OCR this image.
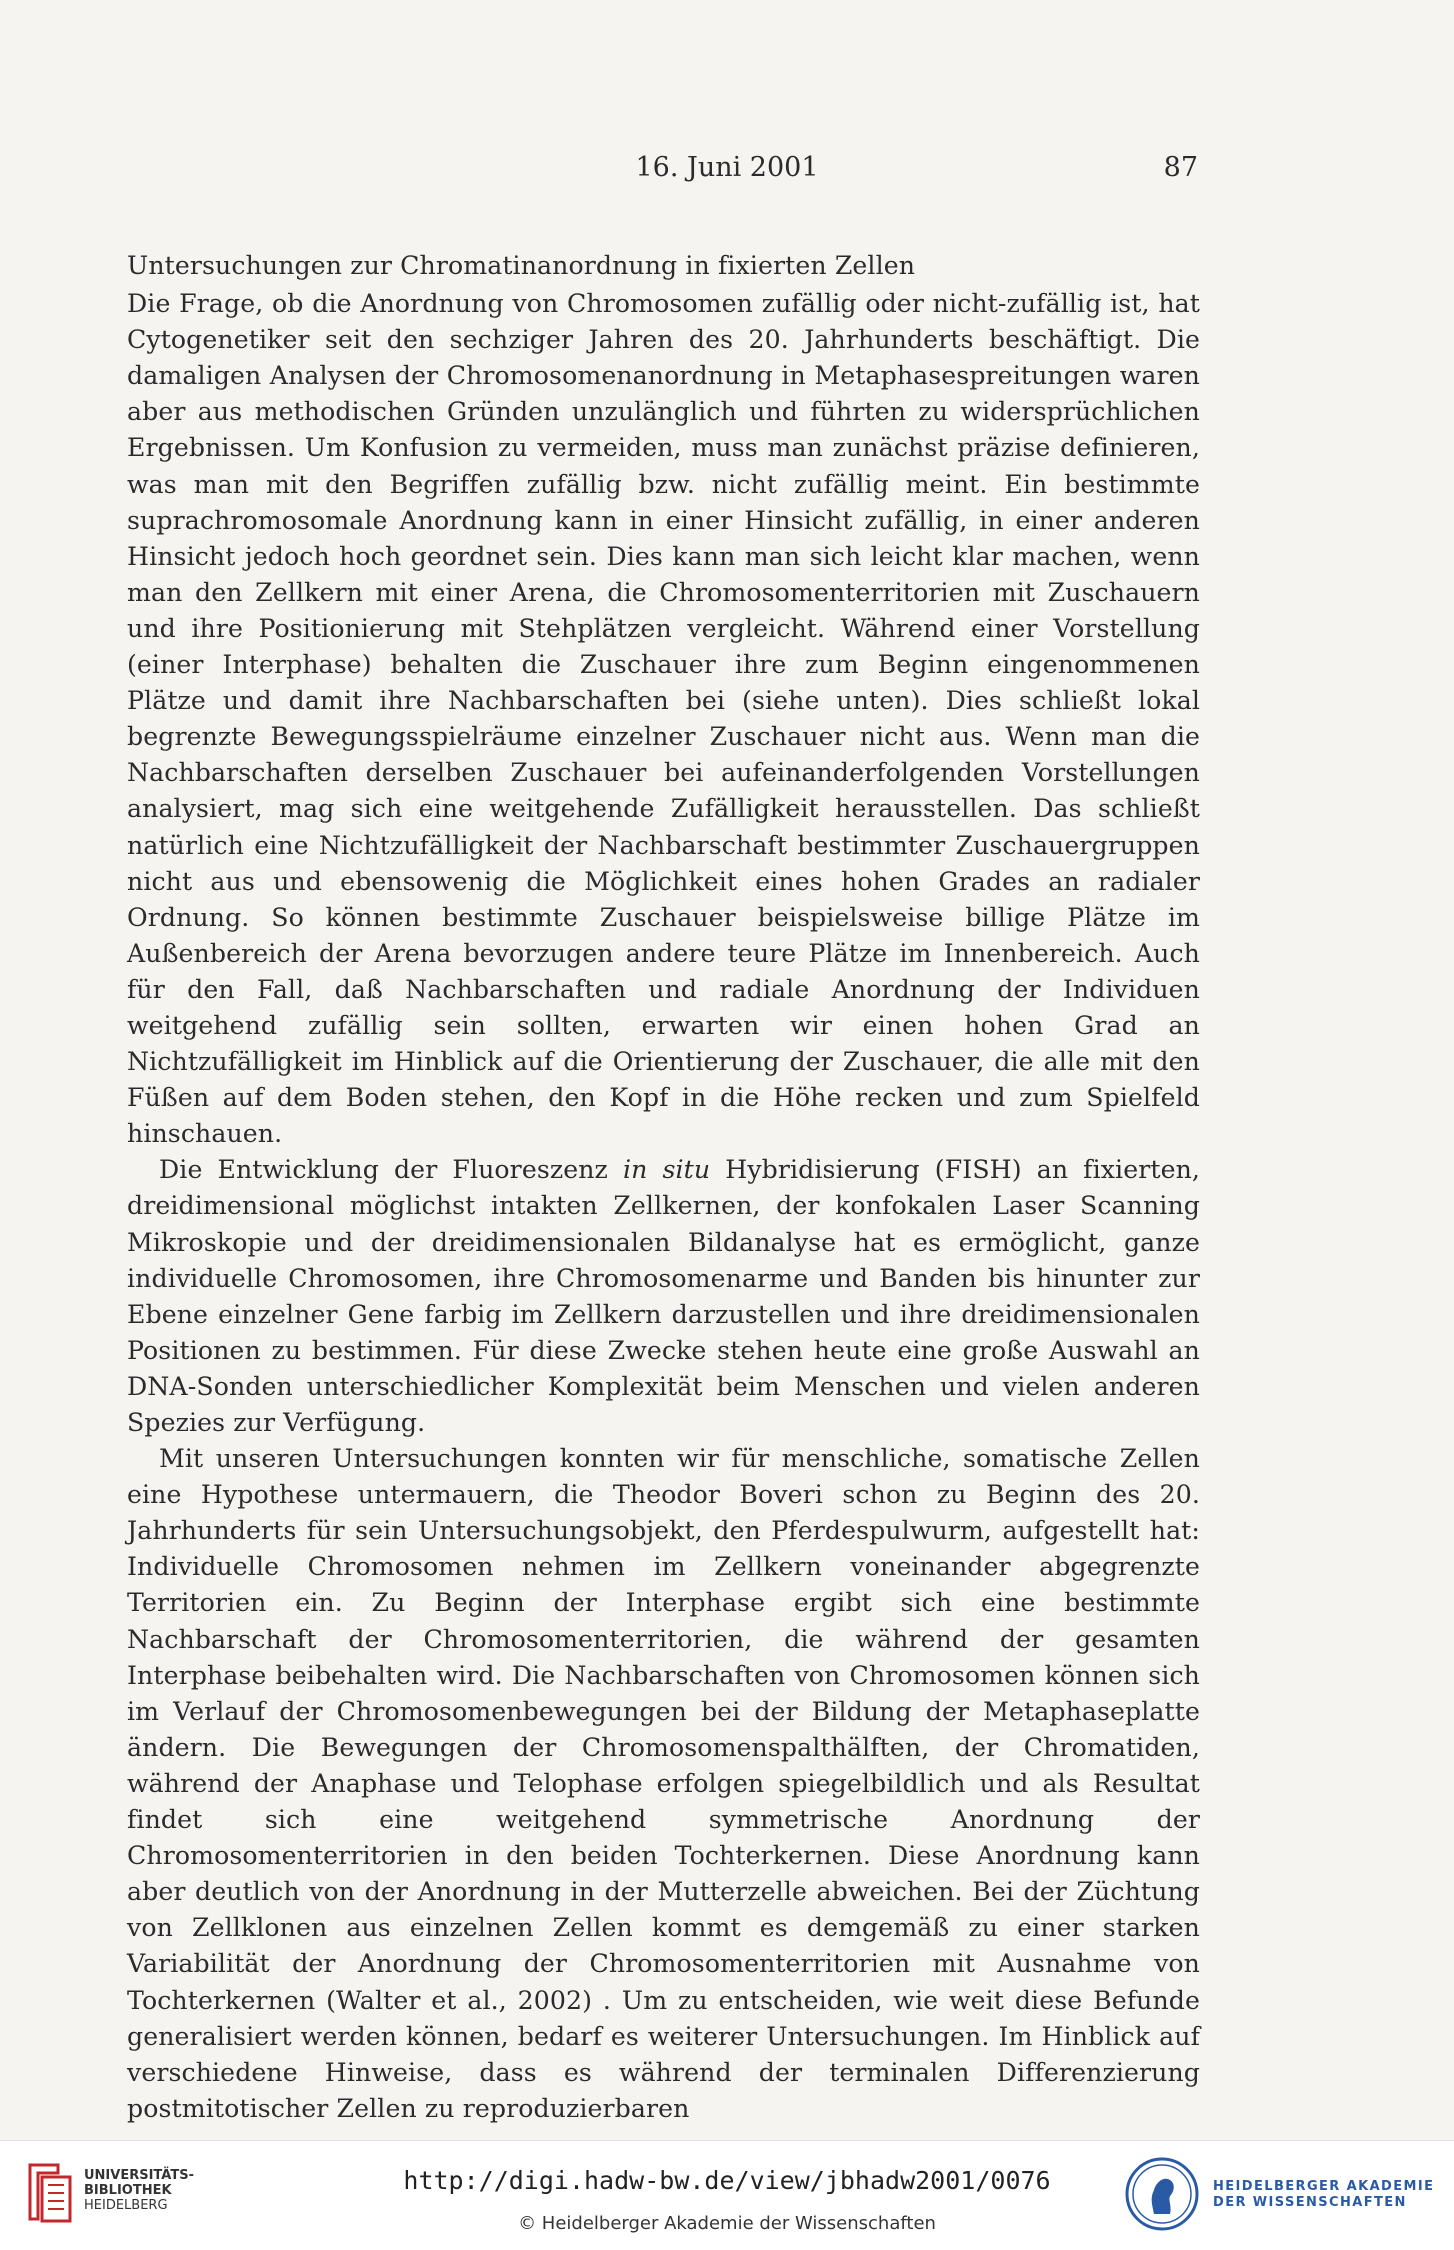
16. Juni 2001	87
Untersuchungen zur Chromatinanordnung in fixierten Zellen

Die Frage, ob die Anordnung von Chromosomen zufällig oder nicht-zufällig ist, hat Cytogenetiker seit den sechziger Jahren des 20. Jahrhunderts beschäftigt. Die damaligen Analysen der Chromosomenanordnung in Metaphasespreitungen waren aber aus methodischen Gründen unzulänglich und führten zu widersprüchlichen Ergebnissen. Um Konfusion zu vermeiden, muss man zunächst präzise definieren, was man mit den Begriffen zufällig bzw. nicht zufällig meint. Ein bestimmte suprachromosomale Anordnung kann in einer Hinsicht zufällig, in einer anderen Hinsicht jedoch hoch geordnet sein. Dies kann man sich leicht klar machen, wenn man den Zellkern mit einer Arena, die Chromosomenterritorien mit Zuschauern und ihre Positionierung mit Stehplätzen vergleicht. Während einer Vorstellung (einer Interphase) behalten die Zuschauer ihre zum Beginn eingenommenen Plätze und damit ihre Nachbarschaften bei (siehe unten). Dies schließt lokal begrenzte Bewegungsspielräume einzelner Zuschauer nicht aus. Wenn man die Nachbarschaften derselben Zuschauer bei aufeinanderfolgenden Vorstellungen analysiert, mag sich eine weitgehende Zufälligkeit herausstellen. Das schließt natürlich eine Nichtzufälligkeit der Nachbarschaft bestimmter Zuschauergruppen nicht aus und ebensowenig die Möglichkeit eines hohen Grades an radialer Ordnung. So können bestimmte Zuschauer beispielsweise billige Plätze im Außenbereich der Arena bevorzugen andere teure Plätze im Innenbereich. Auch für den Fall, daß Nachbarschaften und radiale Anordnung der Individuen weitgehend zufällig sein sollten, erwarten wir einen hohen Grad an Nichtzufälligkeit im Hinblick auf die Orientierung der Zuschauer, die alle mit den Füßen auf dem Boden stehen, den Kopf in die Höhe recken und zum Spielfeld hinschauen.

Die Entwicklung der Fluoreszenz in situ Hybridisierung (FISH) an fixierten, dreidimensional möglichst intakten Zellkernen, der konfokalen Laser Scanning Mikroskopie und der dreidimensionalen Bildanalyse hat es ermöglicht, ganze individuelle Chromosomen, ihre Chromosomenarme und Banden bis hinunter zur Ebene einzelner Gene farbig im Zellkern darzustellen und ihre dreidimensionalen Positionen zu bestimmen. Für diese Zwecke stehen heute eine große Auswahl an DNA-Sonden unterschiedlicher Komplexität beim Menschen und vielen anderen Spezies zur Verfügung.

Mit unseren Untersuchungen konnten wir für menschliche, somatische Zellen eine Hypothese untermauern, die Theodor Boveri schon zu Beginn des 20. Jahrhunderts für sein Untersuchungsobjekt, den Pferdespulwurm, aufgestellt hat: Individuelle Chromosomen nehmen im Zellkern voneinander abgegrenzte Territorien ein. Zu Beginn der Interphase ergibt sich eine bestimmte Nachbarschaft der Chromosomenterritorien, die während der gesamten Interphase beibehalten wird. Die Nachbarschaften von Chromosomen können sich im Verlauf der Chromosomenbewegungen bei der Bildung der Metaphaseplatte ändern. Die Bewegungen der Chromosomenspalthälften, der Chromatiden, während der Anaphase und Telophase erfolgen spiegelbildlich und als Resultat findet sich eine weitgehend symmetrische Anordnung der Chromosomenterritorien in den beiden Tochterkernen. Diese Anordnung kann aber deutlich von der Anordnung in der Mutterzelle abweichen. Bei der Züchtung von Zellklonen aus einzelnen Zellen kommt es demgemäß zu einer starken Variabilität der Anordnung der Chromosomenterritorien mit Ausnahme von Tochterkernen (Walter et al., 2002) . Um zu entscheiden, wie weit diese Befunde generalisiert werden können, bedarf es weiterer Untersuchungen. Im Hinblick auf verschiedene Hinweise, dass es während der terminalen Differenzierung postmitotischer Zellen zu reproduzierbaren

UNIVERSITÄTS-
BIBLIOTHEK
HEIDELBERG
http://digi.hadw-bw.de/view/jbhadw2001/0076
© Heidelberger Akademie der Wissenschaften
HEIDELBERGER AKADEMIE
DER WISSENSCHAFTEN
